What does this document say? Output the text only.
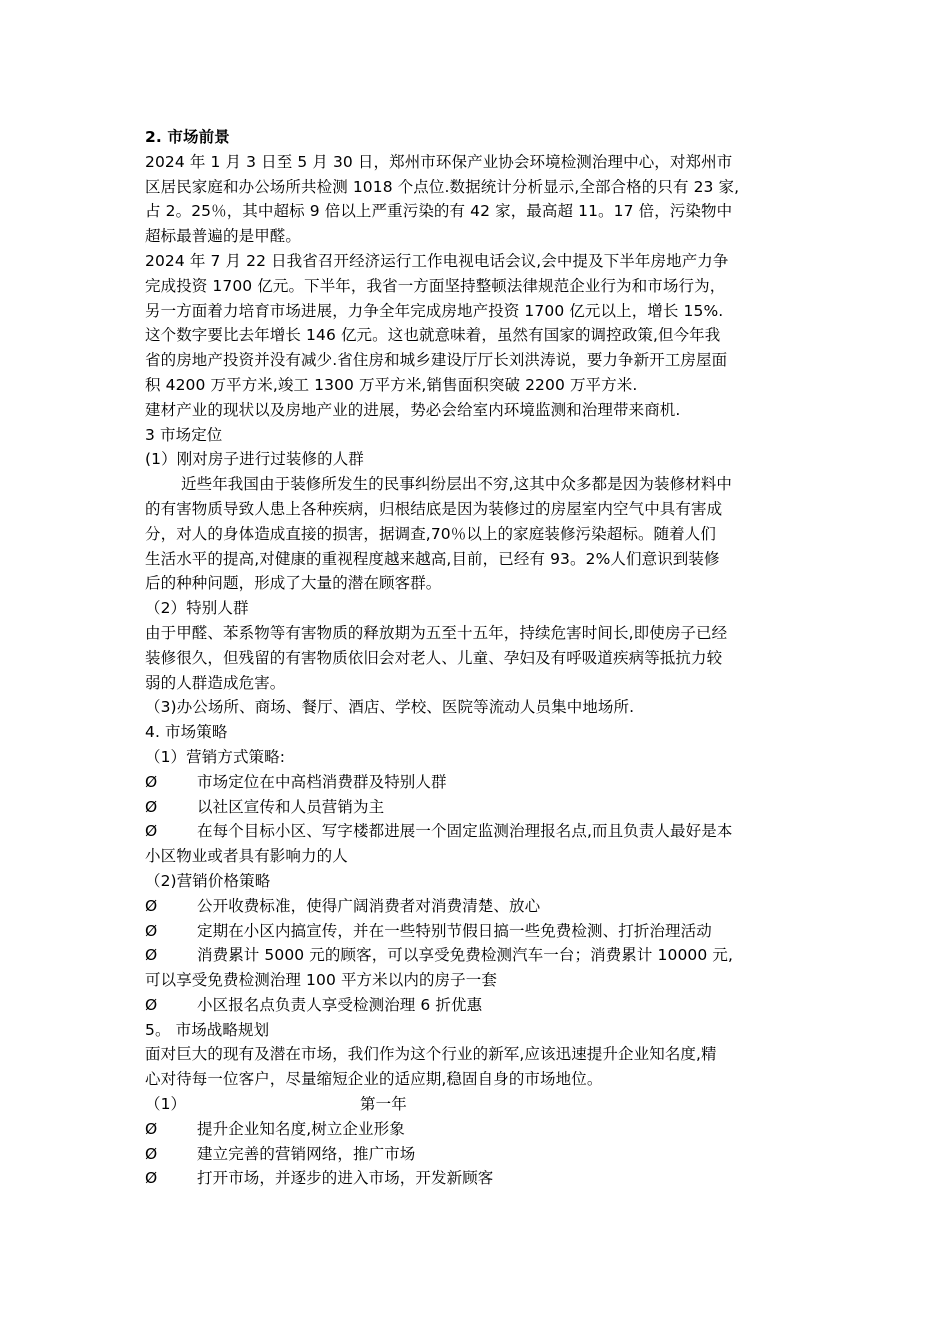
2. 市场前景
2024 年 1 月 3 日至 5 月 30 日，郑州市环保产业协会环境检测治理中心，对郑州市
区居民家庭和办公场所共检测 1018 个点位.数据统计分析显示,全部合格的只有 23 家,
占 2。25％，其中超标 9 倍以上严重污染的有 42 家，最高超 11。17 倍，污染物中
超标最普遍的是甲醛。
2024 年 7 月 22 日我省召开经济运行工作电视电话会议,会中提及下半年房地产力争
完成投资 1700 亿元。下半年，我省一方面坚持整顿法律规范企业行为和市场行为，
另一方面着力培育市场进展，力争全年完成房地产投资 1700 亿元以上，增长 15%.
这个数字要比去年增长 146 亿元。这也就意味着，虽然有国家的调控政策,但今年我
省的房地产投资并没有减少.省住房和城乡建设厅厅长刘洪涛说，要力争新开工房屋面
积 4200 万平方米,竣工 1300 万平方米,销售面积突破 2200 万平方米.
建材产业的现状以及房地产业的进展，势必会给室内环境监测和治理带来商机.
3 市场定位
(1）刚对房子进行过装修的人群
近些年我国由于装修所发生的民事纠纷层出不穷,这其中众多都是因为装修材料中
的有害物质导致人患上各种疾病，归根结底是因为装修过的房屋室内空气中具有害成
分，对人的身体造成直接的损害，据调查,70％以上的家庭装修污染超标。随着人们
生活水平的提高,对健康的重视程度越来越高,目前，已经有 93。2%人们意识到装修
后的种种问题，形成了大量的潜在顾客群。
（2）特别人群
由于甲醛、苯系物等有害物质的释放期为五至十五年，持续危害时间长,即使房子已经
装修很久，但残留的有害物质依旧会对老人、儿童、孕妇及有呼吸道疾病等抵抗力较
弱的人群造成危害。
（3)办公场所、商场、餐厅、酒店、学校、医院等流动人员集中地场所.
4. 市场策略
（1）营销方式策略:
Ø	市场定位在中高档消费群及特别人群
Ø	以社区宣传和人员营销为主
Ø	在每个目标小区、写字楼都进展一个固定监测治理报名点,而且负责人最好是本
小区物业或者具有影响力的人
（2)营销价格策略
Ø	公开收费标准，使得广阔消费者对消费清楚、放心
Ø	定期在小区内搞宣传，并在一些特别节假日搞一些免费检测、打折治理活动
Ø	消费累计 5000 元的顾客，可以享受免费检测汽车一台；消费累计 10000 元,
可以享受免费检测治理 100 平方米以内的房子一套
Ø	小区报名点负责人享受检测治理 6 折优惠
5。 市场战略规划
面对巨大的现有及潜在市场，我们作为这个行业的新军,应该迅速提升企业知名度,精
心对待每一位客户，尽量缩短企业的适应期,稳固自身的市场地位。
（1）	第一年
Ø	提升企业知名度,树立企业形象
Ø	建立完善的营销网络，推广市场
Ø	打开市场，并逐步的进入市场，开发新顾客
